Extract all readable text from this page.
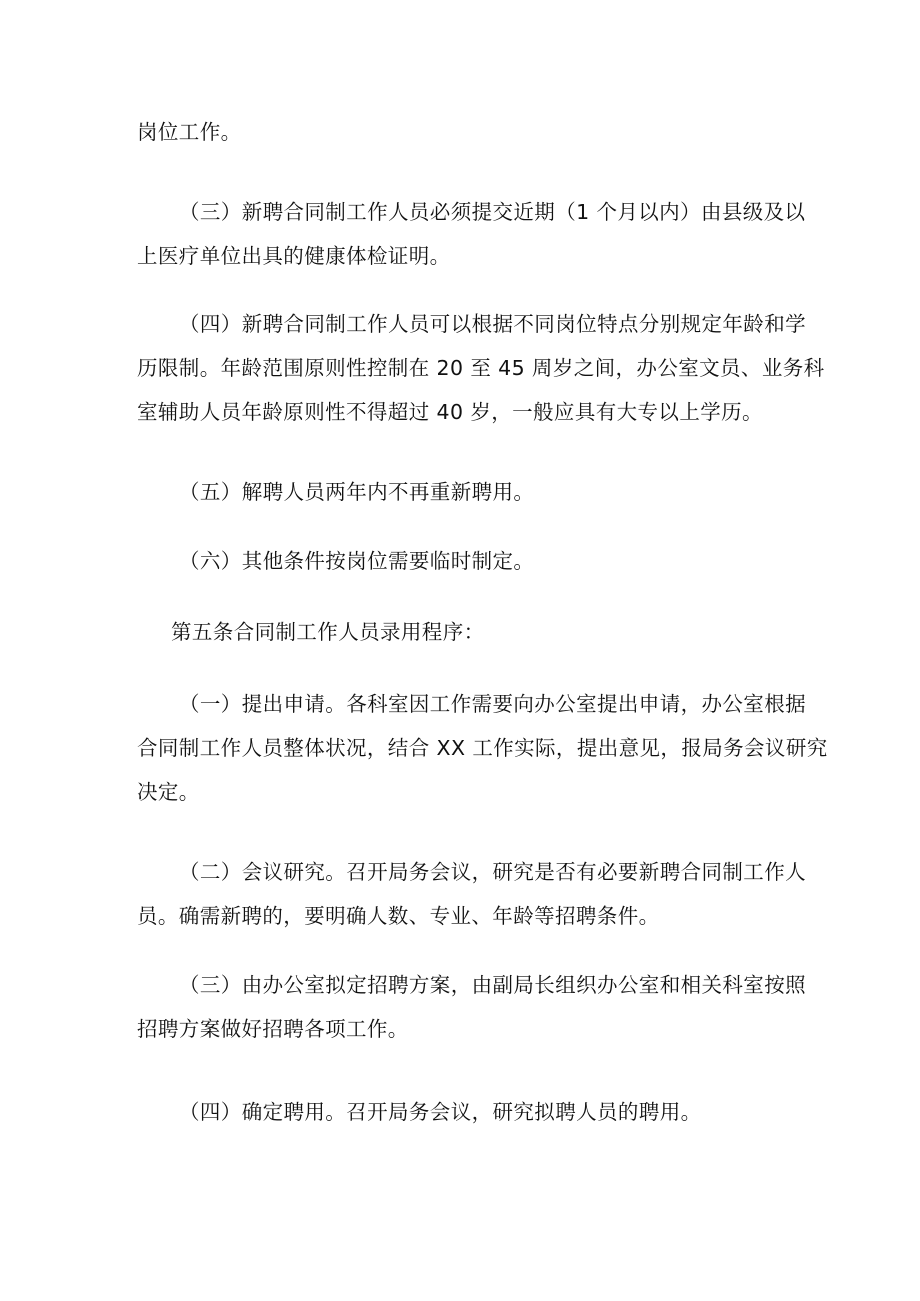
岗位工作。

（三）新聘合同制工作人员必须提交近期（1 个月以内）由县级及以
上医疗单位出具的健康体检证明。

（四）新聘合同制工作人员可以根据不同岗位特点分别规定年龄和学
历限制。年龄范围原则性控制在 20 至 45 周岁之间，办公室文员、业务科
室辅助人员年龄原则性不得超过 40 岁，一般应具有大专以上学历。

（五）解聘人员两年内不再重新聘用。

（六）其他条件按岗位需要临时制定。

第五条合同制工作人员录用程序：

（一）提出申请。各科室因工作需要向办公室提出申请，办公室根据
合同制工作人员整体状况，结合 XX 工作实际，提出意见，报局务会议研究
决定。

（二）会议研究。召开局务会议，研究是否有必要新聘合同制工作人
员。确需新聘的，要明确人数、专业、年龄等招聘条件。

（三）由办公室拟定招聘方案，由副局长组织办公室和相关科室按照
招聘方案做好招聘各项工作。

（四）确定聘用。召开局务会议，研究拟聘人员的聘用。
